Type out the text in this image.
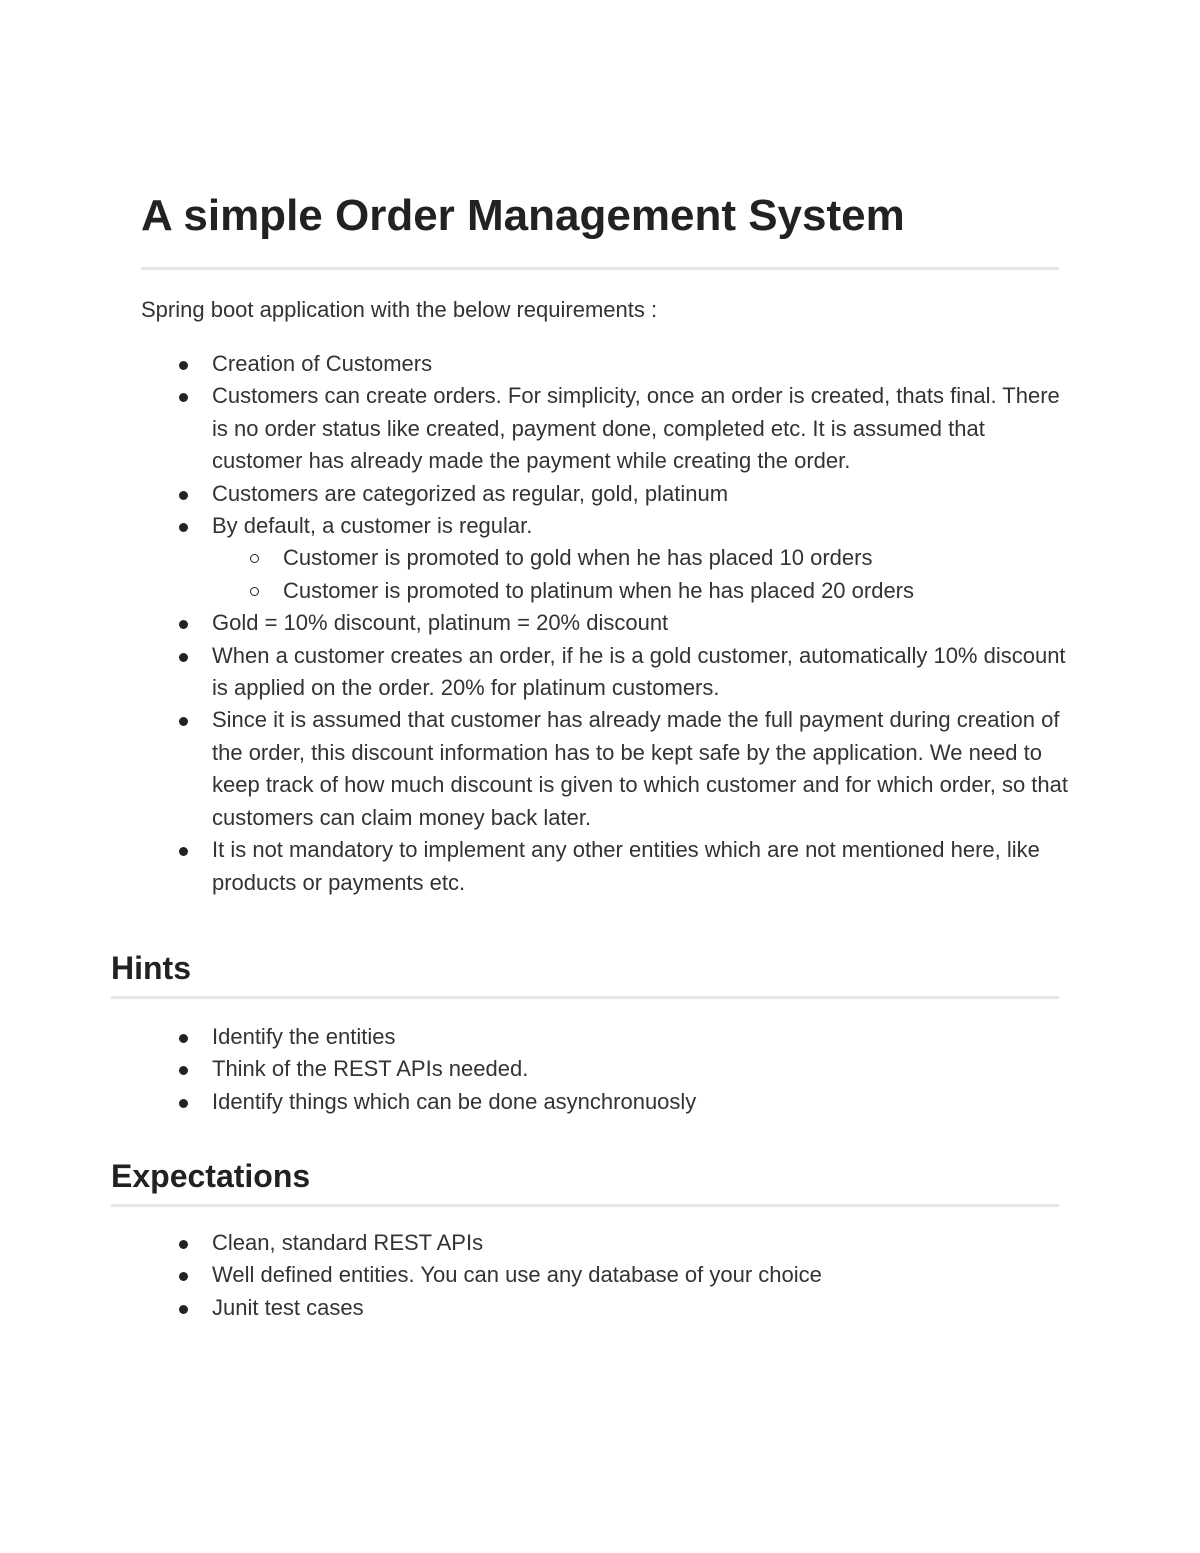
A simple Order Management System

Spring boot application with the below requirements :

Creation of Customers
Customers can create orders. For simplicity, once an order is created, thats final. There is no order status like created, payment done, completed etc. It is assumed that customer has already made the payment while creating the order.
Customers are categorized as regular, gold, platinum
By default, a customer is regular.
Customer is promoted to gold when he has placed 10 orders
Customer is promoted to platinum when he has placed 20 orders
Gold = 10% discount, platinum = 20% discount
When a customer creates an order, if he is a gold customer, automatically 10% discount is applied on the order. 20% for platinum customers.
Since it is assumed that customer has already made the full payment during creation of the order, this discount information has to be kept safe by the application. We need to keep track of how much discount is given to which customer and for which order, so that customers can claim money back later.
It is not mandatory to implement any other entities which are not mentioned here, like products or payments etc.
Hints
Identify the entities
Think of the REST APIs needed.
Identify things which can be done asynchronuosly
Expectations
Clean, standard REST APIs
Well defined entities. You can use any database of your choice
Junit test cases
